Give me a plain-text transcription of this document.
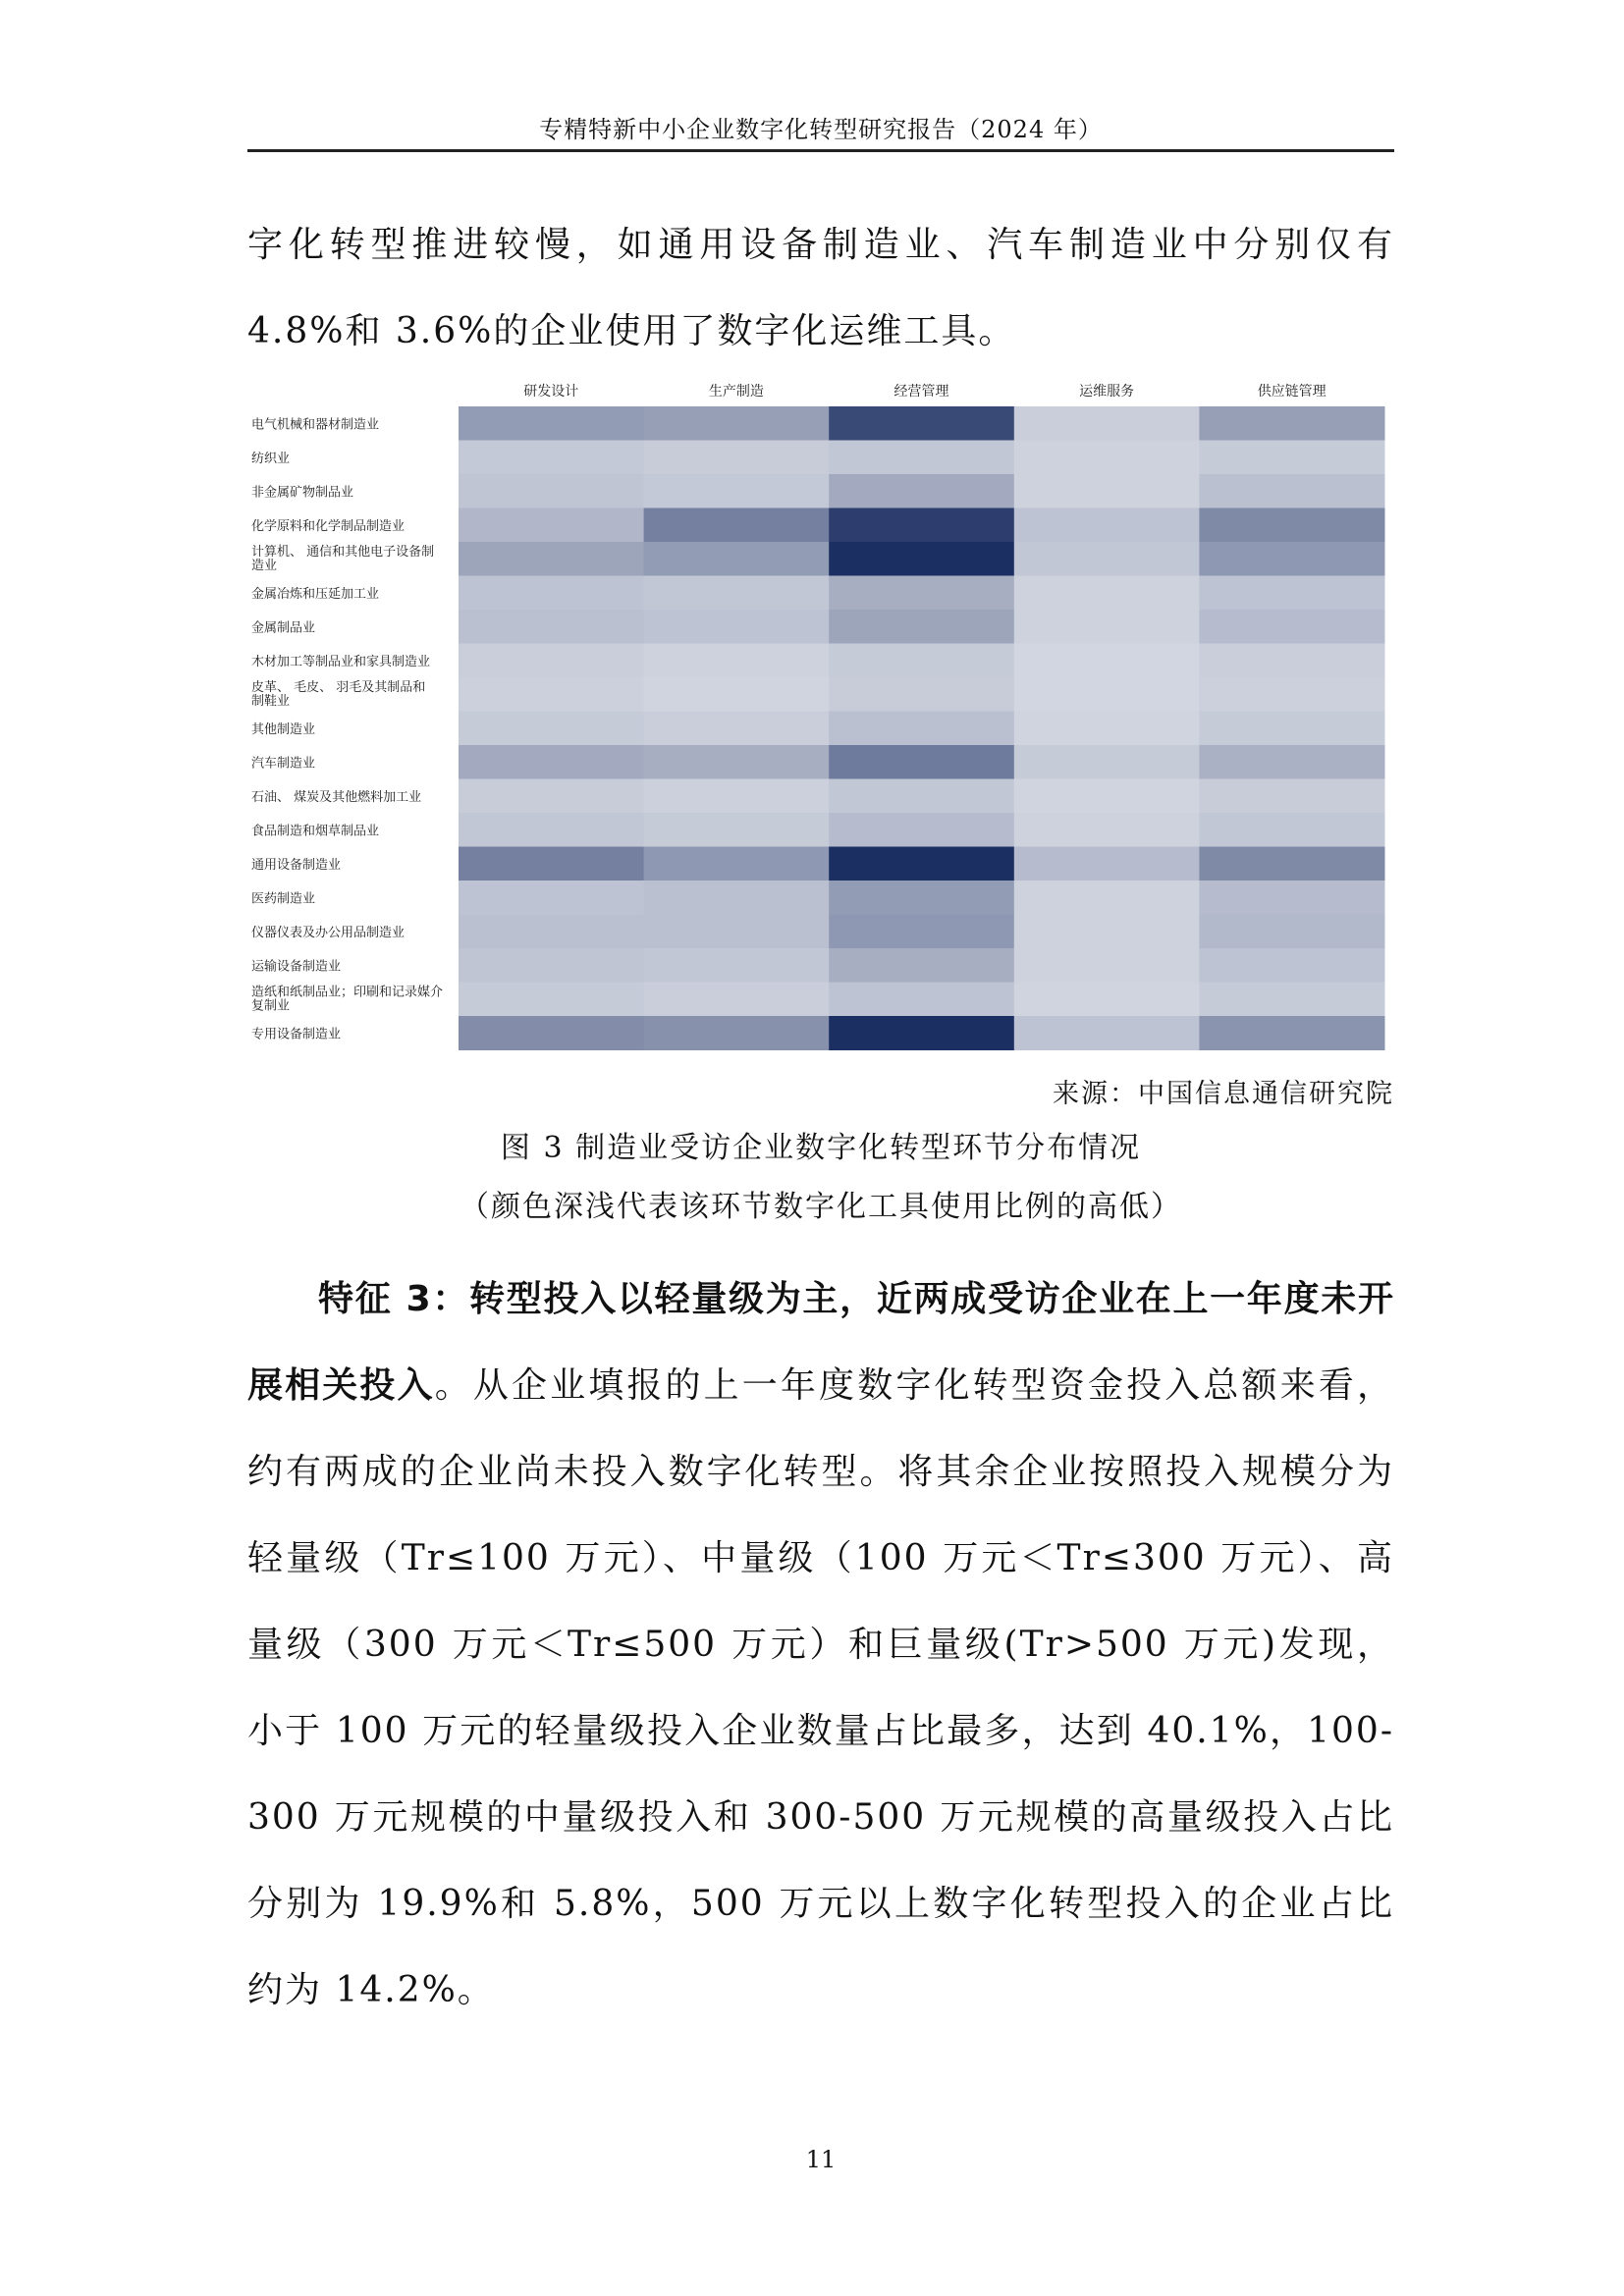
专精特新中小企业数字化转型研究报告（2024 年）

字化转型推进较慢，如通用设备制造业、汽车制造业中分别仅有 4.8%和 3.6%的企业使用了数字化运维工具。

研发设计	生产制造	经营管理	运维服务	供应链管理
电气机械和器材制造业
纺织业
非金属矿物制品业
化学原料和化学制品制造业
计算机、 通信和其他电子设备制造业
金属冶炼和压延加工业
金属制品业
木材加工等制品业和家具制造业
皮革、 毛皮、 羽毛及其制品和制鞋业
其他制造业
汽车制造业
石油、 煤炭及其他燃料加工业
食品制造和烟草制品业
通用设备制造业
医药制造业
仪器仪表及办公用品制造业
运输设备制造业
造纸和纸制品业；印刷和记录媒介复制业
专用设备制造业
来源：中国信息通信研究院
图 3 制造业受访企业数字化转型环节分布情况
（颜色深浅代表该环节数字化工具使用比例的高低）

特征 3：转型投入以轻量级为主，近两成受访企业在上一年度未开展相关投入。从企业填报的上一年度数字化转型资金投入总额来看，约有两成的企业尚未投入数字化转型。将其余企业按照投入规模分为轻量级（Tr≤100 万元）、中量级（100 万元＜Tr≤300 万元）、高量级（300 万元＜Tr≤500 万元）和巨量级(Tr>500 万元)发现，小于 100 万元的轻量级投入企业数量占比最多，达到 40.1%，100-300 万元规模的中量级投入和 300-500 万元规模的高量级投入占比分别为 19.9%和 5.8%，500 万元以上数字化转型投入的企业占比约为 14.2%。

11
